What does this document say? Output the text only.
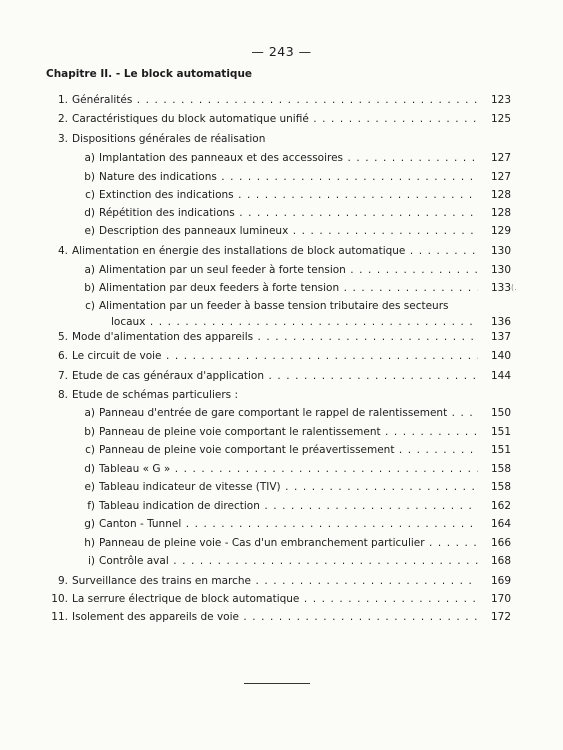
— 243 —
Chapitre II. - Le block automatique
1. Généralités . . .	123
2. Caractéristiques du block automatique unifié . . .	125
3. Dispositions générales de réalisation
a) Implantation des panneaux et des accessoires . . .	127
b) Nature des indications . . .	127
c) Extinction des indications . . .	128
d) Répétition des indications . . .	128
e) Description des panneaux lumineux . . .	129
4. Alimentation en énergie des installations de block automatique . . .	130
a) Alimentation par un seul feeder à forte tension . . .	130
b) Alimentation par deux feeders à forte tension . . .	133 (.
c) Alimentation par un feeder à basse tension tributaire des secteurs
locaux . . .	136
5. Mode d'alimentation des appareils . . .	137
6. Le circuit de voie . . .	140
7. Etude de cas généraux d'application . . .	144
8. Etude de schémas particuliers :
a) Panneau d'entrée de gare comportant le rappel de ralentissement . . .	150
b) Panneau de pleine voie comportant le ralentissement . . .	151
c) Panneau de pleine voie comportant le préavertissement . . .	151
d) Tableau « G » . . .	158
e) Tableau indicateur de vitesse (TIV) . . .	158
f) Tableau indication de direction . . .	162
g) Canton - Tunnel . . .	164
h) Panneau de pleine voie - Cas d'un embranchement particulier . . .	166
i) Contrôle aval . . .	168
9. Surveillance des trains en marche . . .	169
10. La serrure électrique de block automatique . . .	170
11. Isolement des appareils de voie . . .	172
